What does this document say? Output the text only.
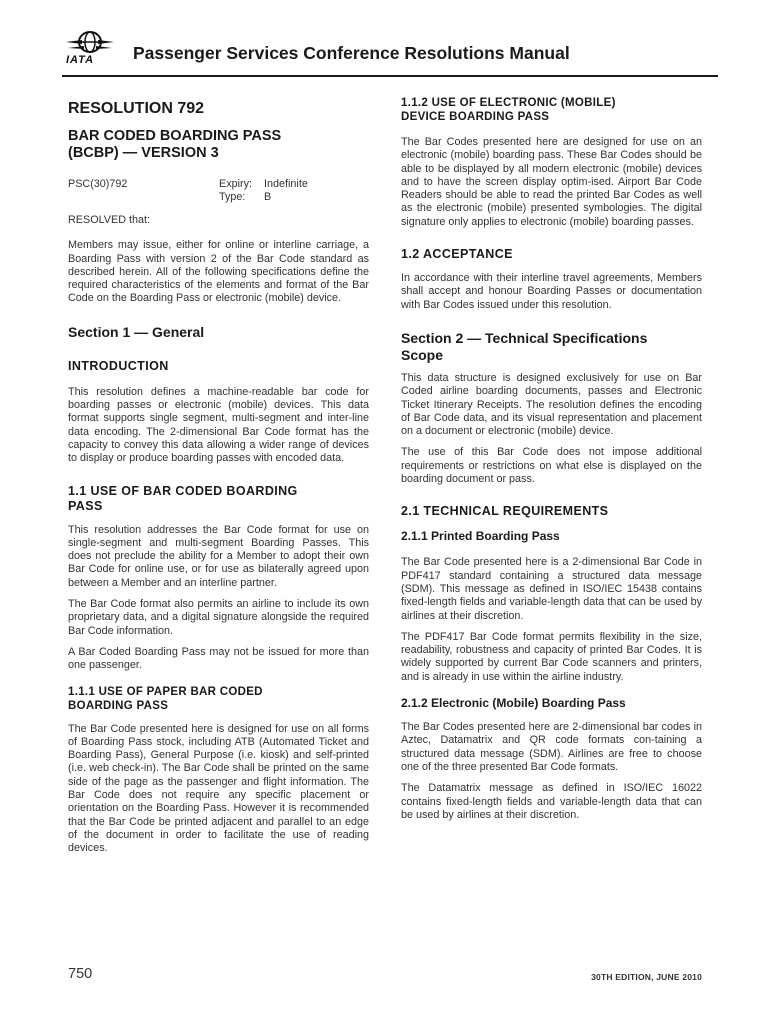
IATA Passenger Services Conference Resolutions Manual
RESOLUTION 792
BAR CODED BOARDING PASS
(BCBP) — VERSION 3
PSC(30)792	Expiry: Indefinite
Type: B

RESOLVED that:

Members may issue, either for online or interline carriage, a Boarding Pass with version 2 of the Bar Code standard as described herein. All of the following specifications define the required characteristics of the elements and format of the Bar Code on the Boarding Pass or electronic (mobile) device.

Section 1 — General
INTRODUCTION

This resolution defines a machine-readable bar code for boarding passes or electronic (mobile) devices. This data format supports single segment, multi-segment and inter-line data encoding. The 2-dimensional Bar Code format has the capacity to convey this data allowing a wider range of devices to display or produce boarding passes with encoded data.

1.1 USE OF BAR CODED BOARDING
PASS

This resolution addresses the Bar Code format for use on single-segment and multi-segment Boarding Passes. This does not preclude the ability for a Member to adopt their own Bar Code for online use, or for use as bilaterally agreed upon between a Member and an interline partner.

The Bar Code format also permits an airline to include its own proprietary data, and a digital signature alongside the required Bar Code information.

A Bar Coded Boarding Pass may not be issued for more than one passenger.

1.1.1 USE OF PAPER BAR CODED
BOARDING PASS

The Bar Code presented here is designed for use on all forms of Boarding Pass stock, including ATB (Automated Ticket and Boarding Pass), General Purpose (i.e. kiosk) and self-printed (i.e. web check-in). The Bar Code shall be printed on the same side of the page as the passenger and flight information. The Bar Code does not require any specific placement or orientation on the Boarding Pass. However it is recommended that the Bar Code be printed adjacent and parallel to an edge of the document in order to facilitate the use of reading devices.

1.1.2 USE OF ELECTRONIC (MOBILE)
DEVICE BOARDING PASS

The Bar Codes presented here are designed for use on an electronic (mobile) boarding pass. These Bar Codes should be able to be displayed by all modern electronic (mobile) devices and to have the screen display optim-ised. Airport Bar Code Readers should be able to read the printed Bar Codes as well as the electronic (mobile) presented symbologies. The digital signature only applies to electronic (mobile) boarding passes.

1.2 ACCEPTANCE

In accordance with their interline travel agreements, Members shall accept and honour Boarding Passes or documentation with Bar Codes issued under this resolution.

Section 2 — Technical Specifications
Scope

This data structure is designed exclusively for use on Bar Coded airline boarding documents, passes and Electronic Ticket Itinerary Receipts. The resolution defines the encoding of Bar Code data, and its visual representation and placement on a document or electronic (mobile) device.

The use of this Bar Code does not impose additional requirements or restrictions on what else is displayed on the boarding document or pass.

2.1 TECHNICAL REQUIREMENTS
2.1.1 Printed Boarding Pass

The Bar Code presented here is a 2-dimensional Bar Code in PDF417 standard containing a structured data message (SDM). This message as defined in ISO/IEC 15438 contains fixed-length fields and variable-length data that can be used by airlines at their discretion.

The PDF417 Bar Code format permits flexibility in the size, readability, robustness and capacity of printed Bar Codes. It is widely supported by current Bar Code scanners and printers, and is already in use within the airline industry.

2.1.2 Electronic (Mobile) Boarding Pass

The Bar Codes presented here are 2-dimensional bar codes in Aztec, Datamatrix and QR code formats con-taining a structured data message (SDM). Airlines are free to choose one of the three presented Bar Code formats.

The Datamatrix message as defined in ISO/IEC 16022 contains fixed-length fields and variable-length data that can be used by airlines at their discretion.

750	30TH EDITION, JUNE 2010
